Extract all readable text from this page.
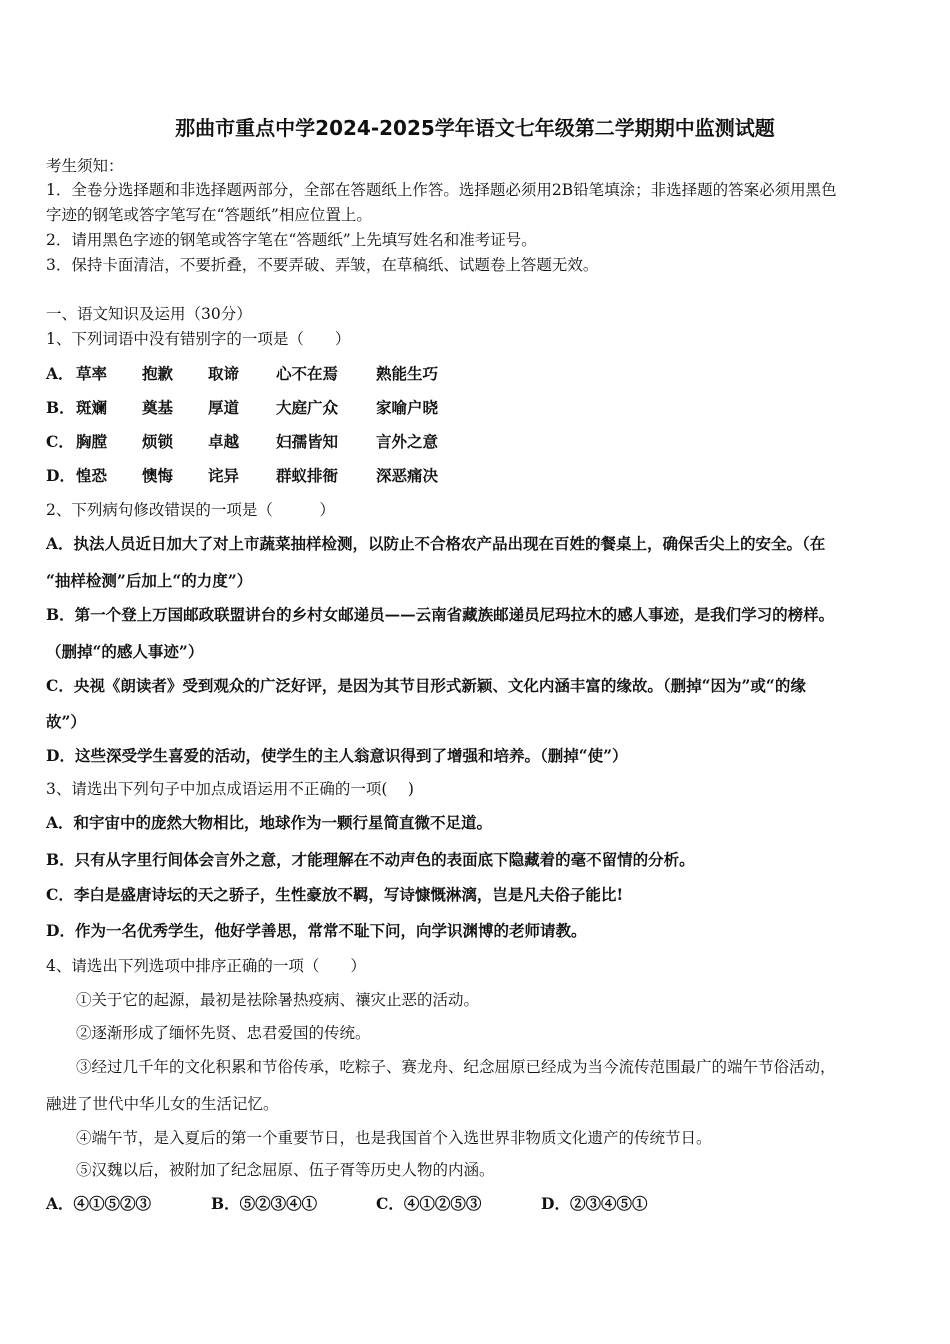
那曲市重点中学2024-2025学年语文七年级第二学期期中监测试题
考生须知：
1．全卷分选择题和非选择题两部分，全部在答题纸上作答。选择题必须用2B铅笔填涂；非选择题的答案必须用黑色
字迹的钢笔或答字笔写在“答题纸”相应位置上。
2．请用黑色字迹的钢笔或答字笔在“答题纸”上先填写姓名和准考证号。
3．保持卡面清洁，不要折叠，不要弄破、弄皱，在草稿纸、试题卷上答题无效。
一、语文知识及运用（30分）
1、下列词语中没有错别字的一项是（　　）
A． 草率 抱歉 取谛 心不在焉 熟能生巧
B． 斑斓 奠基 厚道 大庭广众 家喻户晓
C． 胸膛 烦锁 卓越 妇孺皆知 言外之意
D． 惶恐 懊悔 诧异 群蚁排衙 深恶痛决
2、下列病句修改错误的一项是（　　　）
A．执法人员近日加大了对上市蔬菜抽样检测，以防止不合格农产品出现在百姓的餐桌上，确保舌尖上的安全。（在
“抽样检测”后加上“的力度”）
B．第一个登上万国邮政联盟讲台的乡村女邮递员——云南省藏族邮递员尼玛拉木的感人事迹，是我们学习的榜样。
（删掉“的感人事迹”）
C．央视《朗读者》受到观众的广泛好评，是因为其节目形式新颖、文化内涵丰富的缘故。（删掉“因为”或“的缘
故”）
D．这些深受学生喜爱的活动，使学生的主人翁意识得到了增强和培养。（删掉“使”）
3、请选出下列句子中加点成语运用不正确的一项(　 )
A．和宇宙中的庞然大物相比，地球作为一颗行星简直微不足道。
B．只有从字里行间体会言外之意，才能理解在不动声色的表面底下隐藏着的毫不留情的分析。
C．李白是盛唐诗坛的天之骄子，生性豪放不羁，写诗慷慨淋漓，岂是凡夫俗子能比!
D．作为一名优秀学生，他好学善思，常常不耻下问，向学识渊博的老师请教。
4、请选出下列选项中排序正确的一项（　　）
①关于它的起源，最初是祛除暑热疫病、禳灾止恶的活动。
②逐渐形成了缅怀先贤、忠君爱国的传统。
③经过几千年的文化积累和节俗传承，吃粽子、赛龙舟、纪念屈原已经成为当今流传范围最广的端午节俗活动，
融进了世代中华儿女的生活记忆。
④端午节，是入夏后的第一个重要节日，也是我国首个入选世界非物质文化遗产的传统节日。
⑤汉魏以后，被附加了纪念屈原、伍子胥等历史人物的内涵。
A．④①⑤②③	B．⑤②③④①	C．④①②⑤③	D．②③④⑤①
